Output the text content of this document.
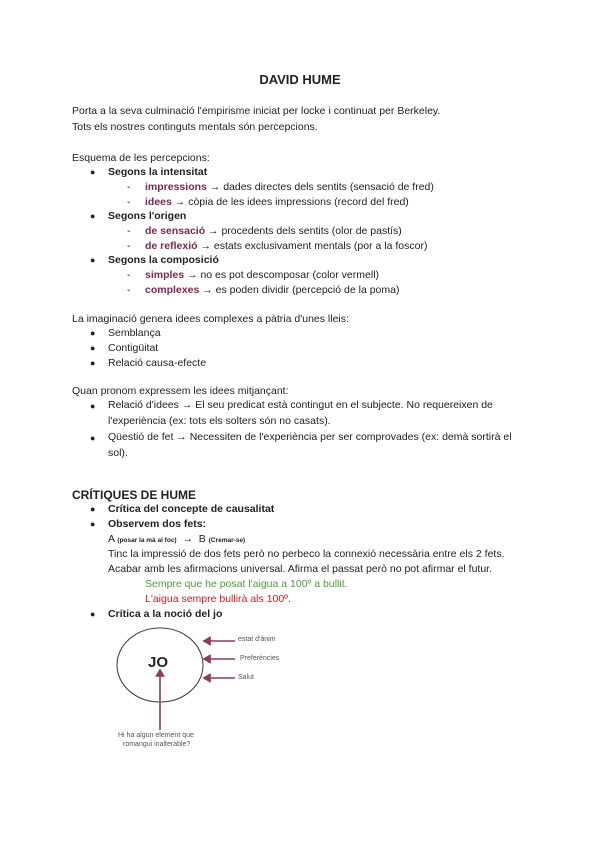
DAVID HUME
Porta a la seva culminació l'empirisme iniciat per locke i continuat per Berkeley.
Tots els nostres continguts mentals són percepcions.
Esquema de les percepcions:
● Segons la intensitat
- impressions → dades directes dels sentits (sensació de fred)
- idees → còpia de les idees impressions (record del fred)
● Segons l'origen
- de sensació → procedents dels sentits (olor de pastís)
- de reflexió → estats exclusivament mentals (por a la foscor)
● Segons la composició
- simples → no es pot descomposar (color vermell)
- complexes → es poden dividir (percepció de la poma)
La imaginació genera idees complexes a pàtria d'unes lleis:
● Semblança
● Contigüitat
● Relació causa-efecte
Quan pronom expressem les idees mitjançant:
● Relació d'idees → El seu predicat està contingut en el subjecte. No requereixen de l'experiència (ex: tots els solters són no casats).
● Qüestió de fet → Necessiten de l'experiència per ser comprovades (ex: demà sortirà el sol).
CRÍTIQUES DE HUME
● Crítica del concepte de causalitat
● Observem dos fets:
A (posar la mà al foc) → B (Cremar-se)
Tinc la impressió de dos fets però no perbeco la connexió necessària entre els 2 fets.
Acabar amb les afirmacions universal. Afirma el passat però no pot afirmar el futur.
Sempre que he posat l'aigua a 100º a bullit.
L'aigua sempre bullirà als 100º.
● Crítica a la noció del jo
JO
estat d'ànim
Preferències
Salut
Hi ha algun element que
romangui inalterable?
